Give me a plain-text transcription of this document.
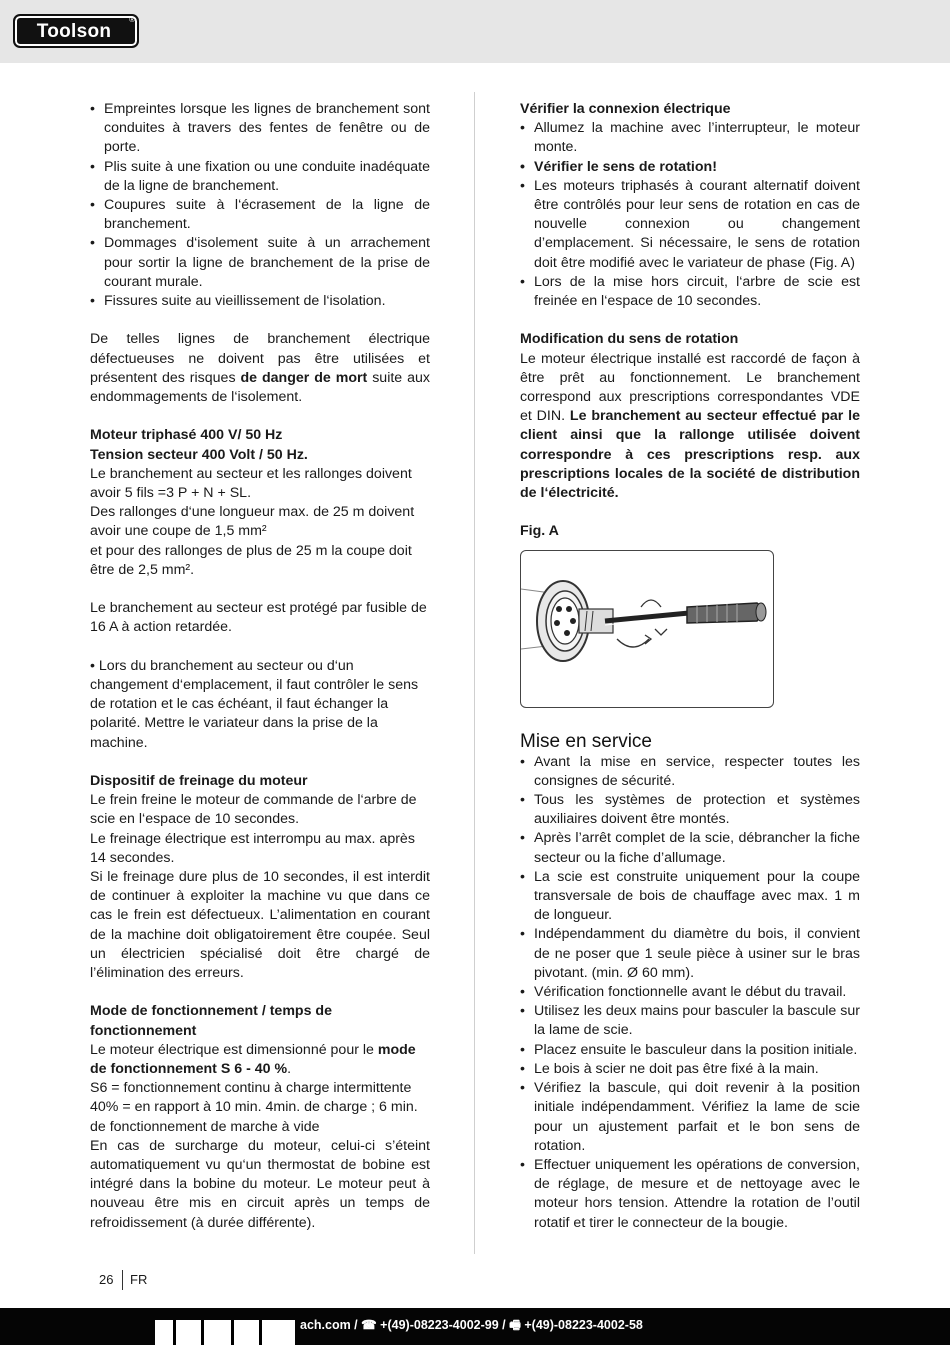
Toolson
®
• Empreintes lorsque les lignes de branchement sont conduites à travers des fentes de fenêtre ou de porte.
• Plis suite à une fixation ou une conduite inadéquate de la ligne de branchement.
• Coupures suite à l‘écrasement de la ligne de branchement.
• Dommages d‘isolement suite à un arrachement pour sortir la ligne de branchement de la prise de courant murale.
• Fissures suite au vieillissement de l‘isolation.

De telles lignes de branchement électrique défectueuses ne doivent pas être utilisées et présentent des risques de danger de mort suite aux endommagements de l‘isolement.

Moteur triphasé 400 V/ 50 Hz

Tension secteur 400 Volt / 50 Hz.

Le branchement au secteur et les rallonges doivent avoir 5 fils =3 P + N + SL.

Des rallonges d‘une longueur max. de 25 m doivent avoir une coupe de 1,5 mm²

et pour des rallonges de plus de 25 m la coupe doit être de 2,5 mm².

Le branchement au secteur est protégé par fusible de 16 A à action retardée.

• Lors du branchement au secteur ou d‘un changement d‘emplacement, il faut contrôler le sens de rotation et le cas échéant, il faut échanger la polarité. Mettre le variateur dans la prise de la machine.

Dispositif de freinage du moteur

Le frein freine le moteur de commande de l‘arbre de scie en l‘espace de 10 secondes.

Le freinage électrique est interrompu au max. après 14 secondes.

Si le freinage dure plus de 10 secondes, il est interdit de continuer à exploiter la machine vu que dans ce cas le frein est défectueux. L’alimentation en courant de la machine doit obligatoirement être coupée. Seul un électricien spécialisé doit être chargé de l’élimination des erreurs.

Mode de fonctionnement / temps de fonctionnement

Le moteur électrique est dimensionné pour le mode de fonctionnement S 6 - 40 %.

S6 = fonctionnement continu à charge intermittente

40% = en rapport à 10 min. 4min. de charge ; 6 min. de fonctionnement de marche à vide

En cas de surcharge du moteur, celui-ci s’éteint automatiquement vu qu‘un thermostat de bobine est intégré dans la bobine du moteur. Le moteur peut à nouveau être mis en circuit après un temps de refroidissement (à durée différente).

Vérifier la connexion électrique

• Allumez la machine avec l’interrupteur, le moteur monte.
• Vérifier le sens de rotation!
• Les moteurs triphasés à courant alternatif doivent être contrôlés pour leur sens de rotation en cas de nouvelle connexion ou changement d’emplacement. Si nécessaire, le sens de rotation doit être modifié avec le variateur de phase (Fig. A)
• Lors de la mise hors circuit, l‘arbre de scie est freinée en l‘espace de 10 secondes.

Modification du sens de rotation

Le moteur électrique installé est raccordé de façon à être prêt au fonctionnement. Le branchement correspond aux prescriptions correspondantes VDE et DIN. Le branchement au secteur effectué par le client ainsi que la rallonge utilisée doivent correspondre à ces prescriptions resp. aux prescriptions locales de la société de distribution de l‘électricité.

Fig. A

Mise en service
• Avant la mise en service, respecter toutes les consignes de sécurité.
• Tous les systèmes de protection et systèmes auxiliaires doivent être montés.
• Après l’arrêt complet de la scie, débrancher la fiche secteur ou la fiche d’allumage.
• La scie est construite uniquement pour la coupe transversale de bois de chauffage avec max. 1 m de longueur.
• Indépendamment du diamètre du bois, il convient de ne poser que 1 seule pièce à usiner sur le bras pivotant. (min. Ø 60 mm).
• Vérification fonctionnelle avant le début du travail.
• Utilisez les deux mains pour basculer la bascule sur la lame de scie.
• Placez ensuite le basculeur dans la position initiale.
• Le bois à scier ne doit pas être fixé à la main.
• Vérifiez la bascule, qui doit revenir à la position initiale indépendamment. Vérifiez la lame de scie pour un ajustement parfait et le bon sens de rotation.
• Effectuer uniquement les opérations de conversion, de réglage, de mesure et de nettoyage avec le moteur hors tension. Attendre la rotation de l’outil rotatif et tirer le connecteur de la bougie.
26 FR
ach.com / ☎ +(49)-08223-4002-99 / 🖷 +(49)-08223-4002-58
